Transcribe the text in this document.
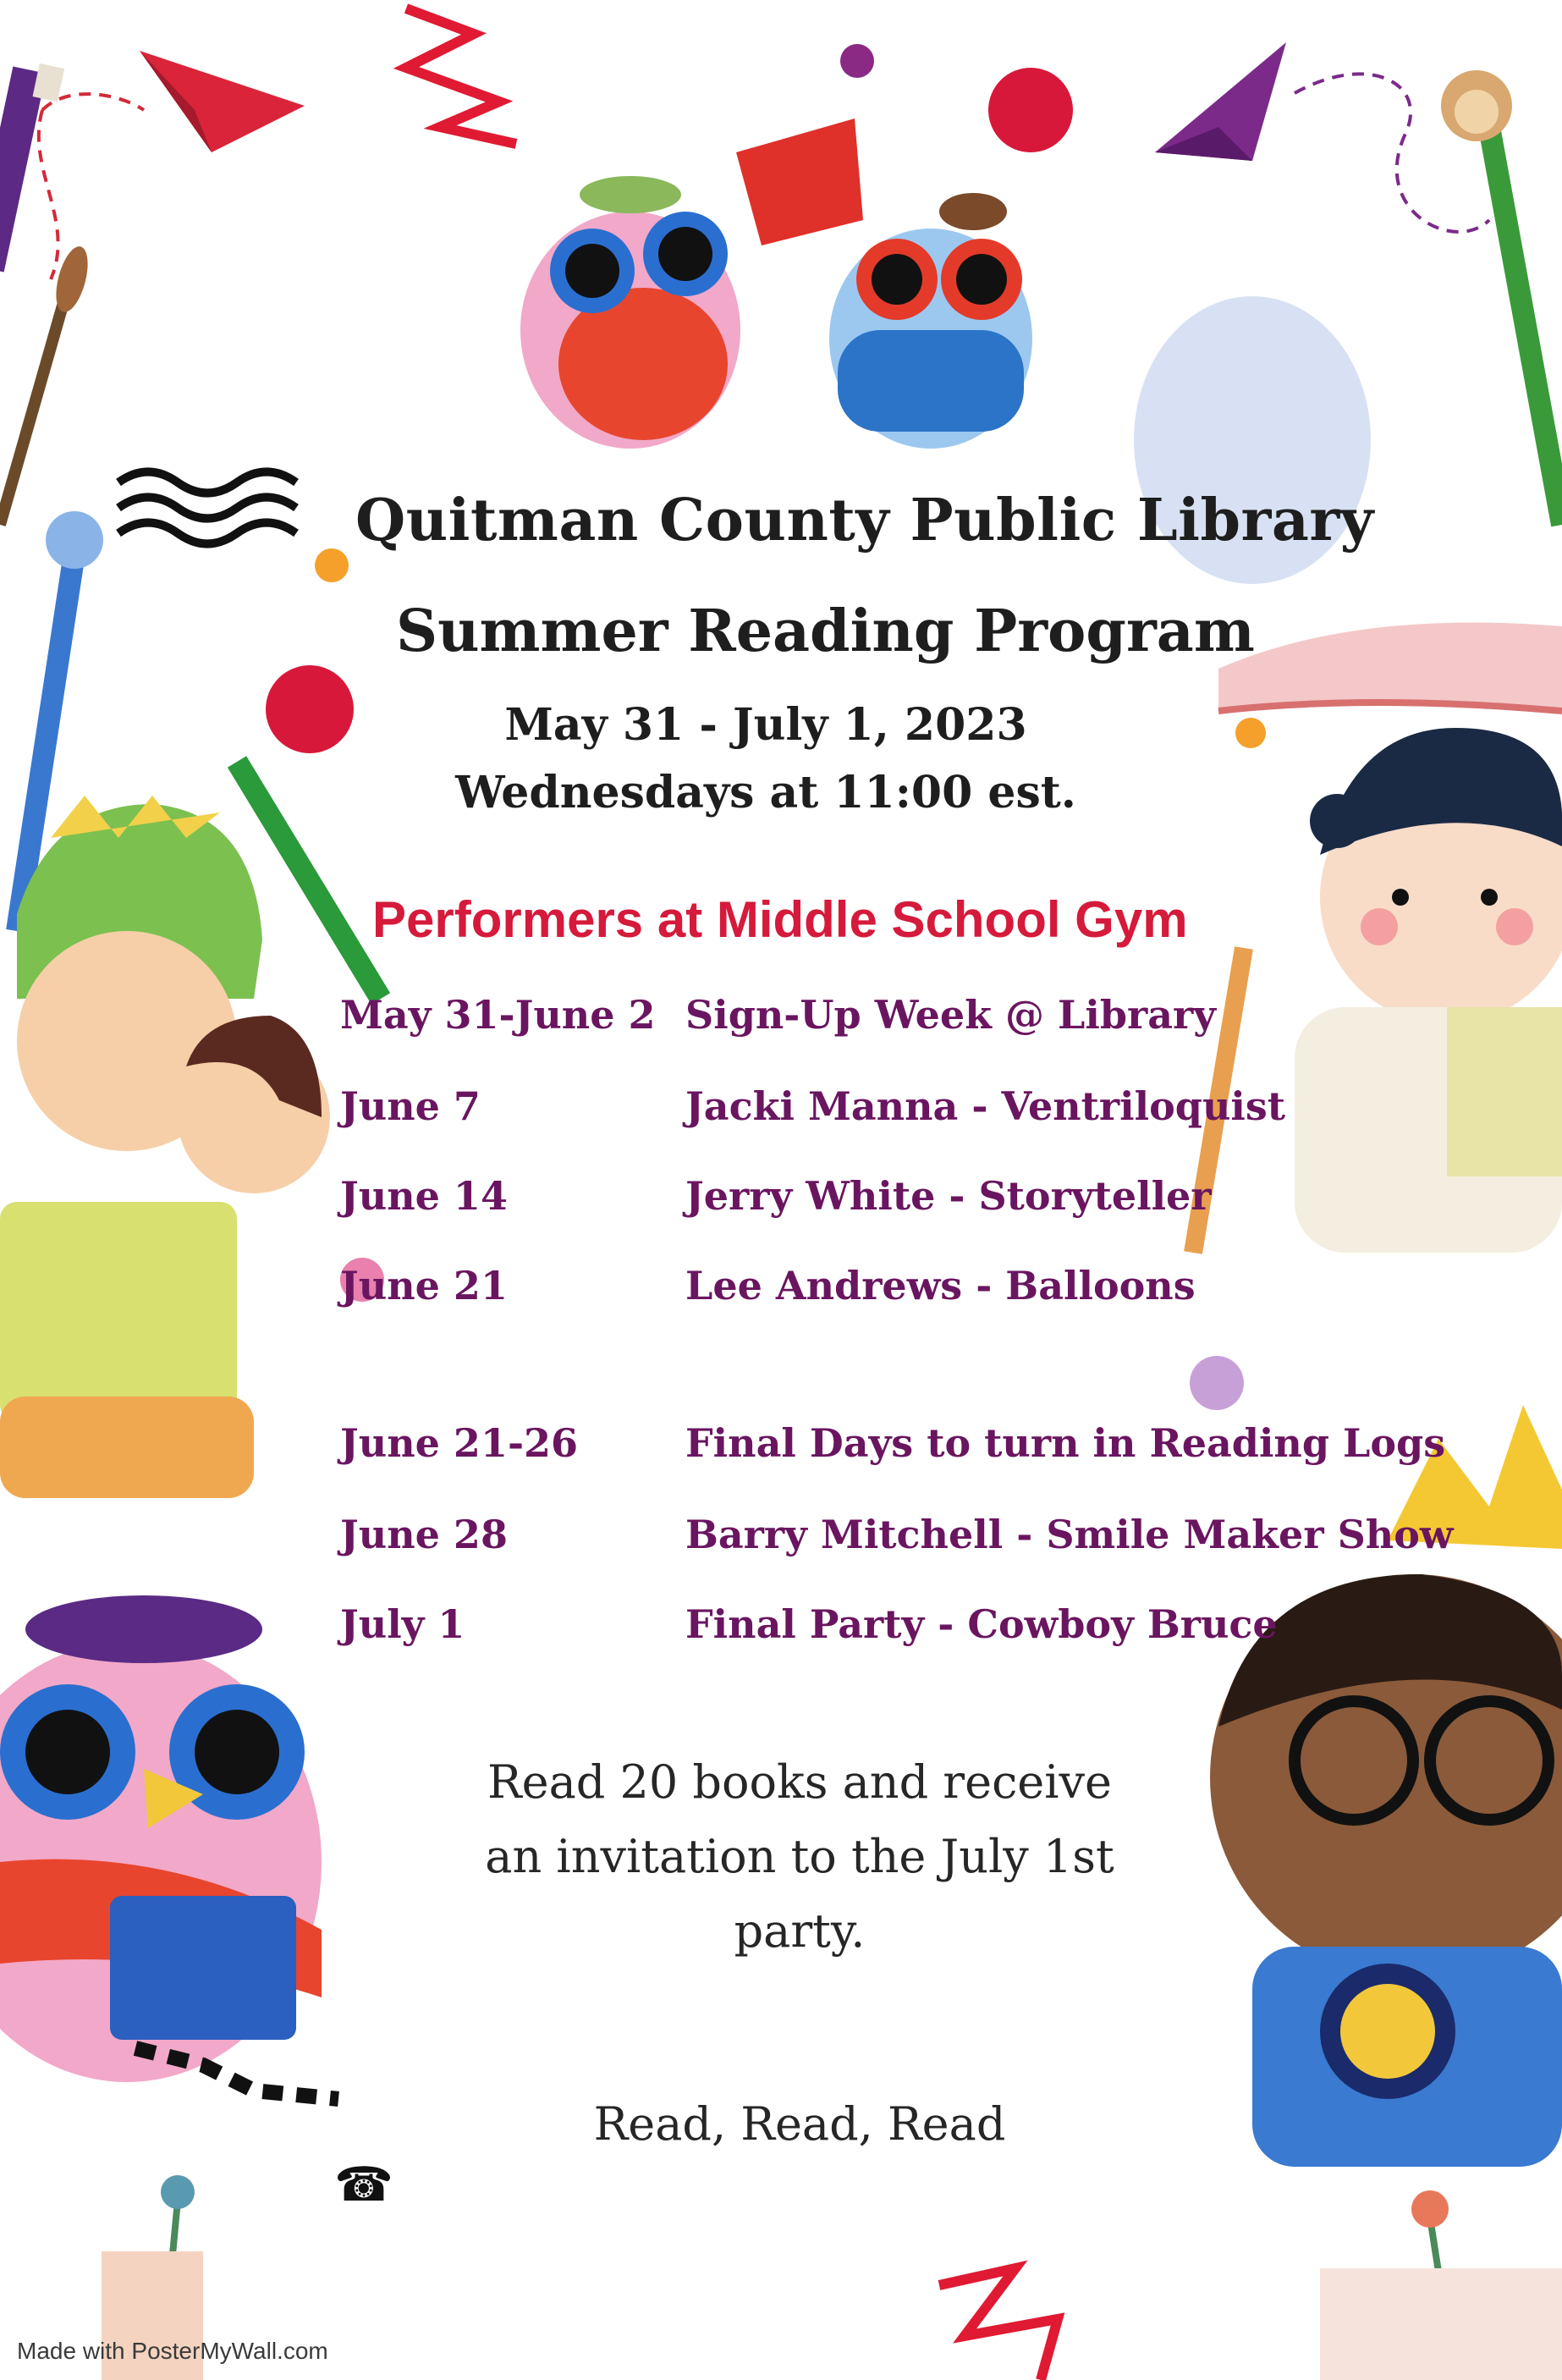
☎
Quitman County Public Library
Summer Reading Program
May 31 - July 1, 2023
Wednesdays at 11:00 est.
Performers at Middle School Gym
May 31-June 2 Sign-Up Week @ Library
June 7	Jacki Manna - Ventriloquist
June 14	Jerry White - Storyteller
June 21	Lee Andrews - Balloons
June 21-26	Final Days to turn in Reading Logs
June 28	Barry Mitchell - Smile Maker Show
July 1	Final Party - Cowboy Bruce
Read 20 books and receive
an invitation to the July 1st
party.
Read, Read, Read
Made with PosterMyWall.com
